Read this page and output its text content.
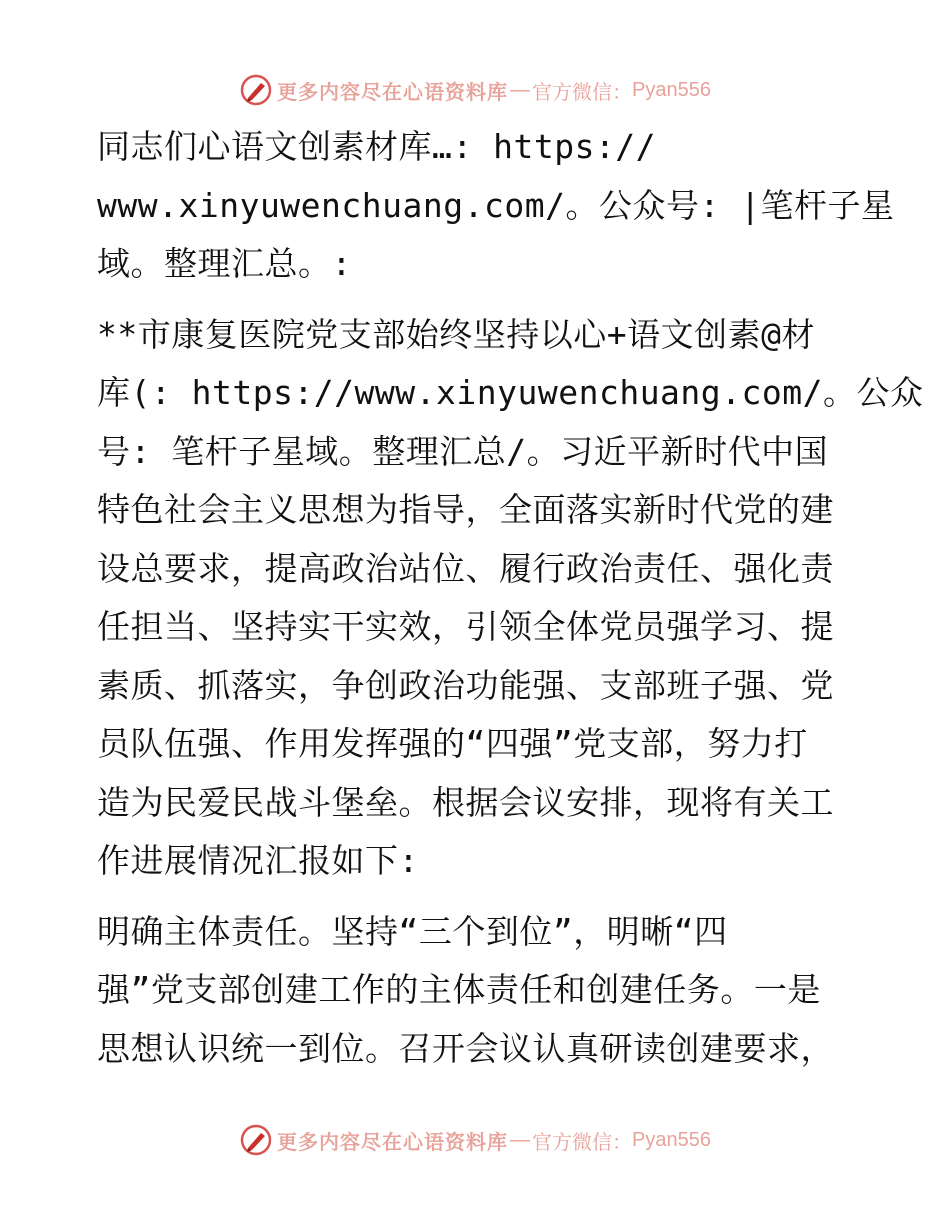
更多内容尽在心语资料库 — 官方微信： Pyan556
同志们心语文创素材库…: https://
www.xinyuwenchuang.com/。公众号: |笔杆子星
域。整理汇总。:
**市康复医院党支部始终坚持以心+语文创素@材
库(: https://www.xinyuwenchuang.com/。公众
号: 笔杆子星域。整理汇总/。习近平新时代中国
特色社会主义思想为指导，全面落实新时代党的建
设总要求，提高政治站位、履行政治责任、强化责
任担当、坚持实干实效，引领全体党员强学习、提
素质、抓落实，争创政治功能强、支部班子强、党
员队伍强、作用发挥强的“四强”党支部，努力打
造为民爱民战斗堡垒。根据会议安排，现将有关工
作进展情况汇报如下:
明确主体责任。坚持“三个到位”，明晰“四
强”党支部创建工作的主体责任和创建任务。一是
思想认识统一到位。召开会议认真研读创建要求，
更多内容尽在心语资料库 — 官方微信： Pyan556
